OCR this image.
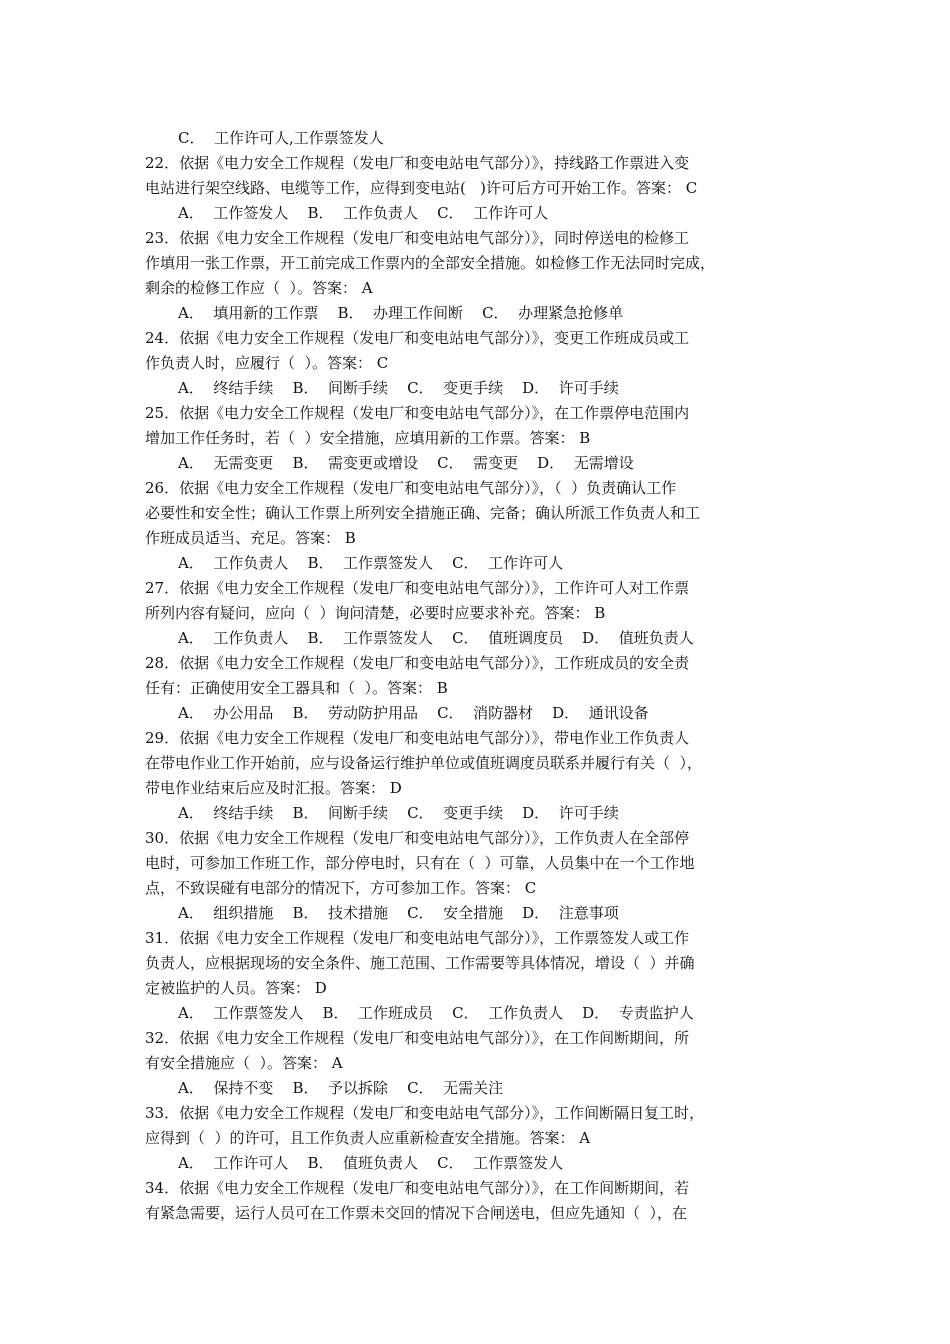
C．  工作许可人,工作票签发人
22．依据《电力安全工作规程（发电厂和变电站电气部分）》，持线路工作票进入变
电站进行架空线路、电缆等工作，应得到变电站(   )许可后方可开始工作。答案： C
A．  工作签发人    B．  工作负责人    C．  工作许可人
23．依据《电力安全工作规程（发电厂和变电站电气部分）》，同时停送电的检修工
作填用一张工作票，开工前完成工作票内的全部安全措施。如检修工作无法同时完成，
剩余的检修工作应（  ）。答案： A
A．  填用新的工作票    B．  办理工作间断    C．  办理紧急抢修单
24．依据《电力安全工作规程（发电厂和变电站电气部分）》，变更工作班成员或工
作负责人时，应履行（  ）。答案： C
A．  终结手续    B．  间断手续    C．  变更手续    D．  许可手续
25．依据《电力安全工作规程（发电厂和变电站电气部分）》，在工作票停电范围内
增加工作任务时，若（  ）安全措施，应填用新的工作票。答案： B
A．  无需变更    B．  需变更或增设    C．  需变更    D．  无需增设
26．依据《电力安全工作规程（发电厂和变电站电气部分）》，（  ）负责确认工作
必要性和安全性；确认工作票上所列安全措施正确、完备；确认所派工作负责人和工
作班成员适当、充足。答案： B
A．  工作负责人    B．  工作票签发人    C．  工作许可人
27．依据《电力安全工作规程（发电厂和变电站电气部分）》，工作许可人对工作票
所列内容有疑问，应向（  ）询问清楚，必要时应要求补充。答案： B
A．  工作负责人    B．  工作票签发人    C．  值班调度员    D．  值班负责人
28．依据《电力安全工作规程（发电厂和变电站电气部分）》，工作班成员的安全责
任有：正确使用安全工器具和（  ）。答案： B
A．  办公用品    B．  劳动防护用品    C．  消防器材    D．  通讯设备
29．依据《电力安全工作规程（发电厂和变电站电气部分）》，带电作业工作负责人
在带电作业工作开始前，应与设备运行维护单位或值班调度员联系并履行有关（  ），
带电作业结束后应及时汇报。答案： D
A．  终结手续    B．  间断手续    C．  变更手续    D．  许可手续
30．依据《电力安全工作规程（发电厂和变电站电气部分）》，工作负责人在全部停
电时，可参加工作班工作，部分停电时，只有在（  ）可靠，人员集中在一个工作地
点，不致误碰有电部分的情况下，方可参加工作。答案： C
A．  组织措施    B．  技术措施    C．  安全措施    D．  注意事项
31．依据《电力安全工作规程（发电厂和变电站电气部分）》，工作票签发人或工作
负责人，应根据现场的安全条件、施工范围、工作需要等具体情况，增设（  ）并确
定被监护的人员。答案： D
A．  工作票签发人    B．  工作班成员    C．  工作负责人    D．  专责监护人
32．依据《电力安全工作规程（发电厂和变电站电气部分）》，在工作间断期间，所
有安全措施应（  ）。答案： A
A．  保持不变    B．  予以拆除    C．  无需关注
33．依据《电力安全工作规程（发电厂和变电站电气部分）》，工作间断隔日复工时，
应得到（  ）的许可，且工作负责人应重新检查安全措施。答案： A
A．  工作许可人    B．  值班负责人    C．  工作票签发人
34．依据《电力安全工作规程（发电厂和变电站电气部分）》，在工作间断期间，若
有紧急需要，运行人员可在工作票未交回的情况下合闸送电，但应先通知（  ），在
